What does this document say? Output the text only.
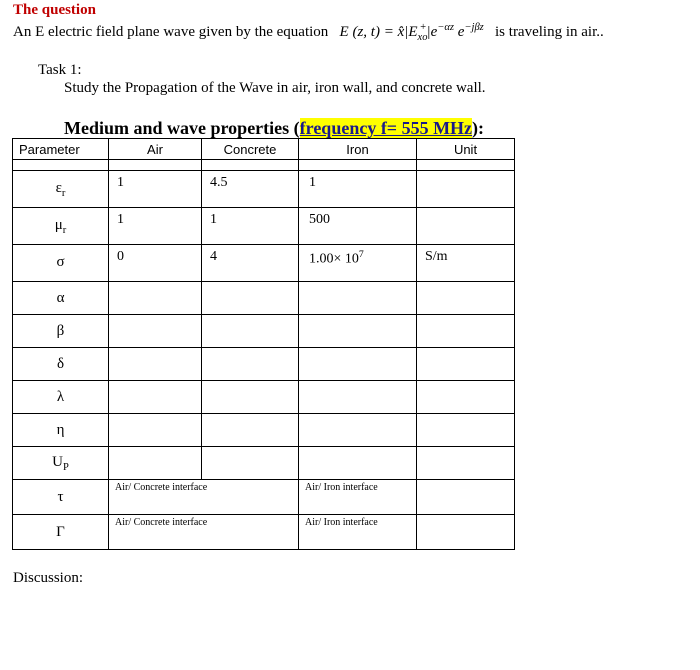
The question
An E electric field plane wave given by the equation E (z, $t) = x̂|E_{xo}^+|e^{-\alpha z}$ $e^{-j\beta z}$ is traveling in air..
Task 1:
Study the Propagation of the Wave in air, iron wall, and concrete wall.
Medium and wave properties (frequency f= 555 MHz):
Parameter	Air	Concrete	Iron	Unit

$\varepsilon_r$	1	4.5	1	
$\mu_r$	1	1	500	
σ	0	4	$1.00\times 10^7$	S/m
α				
β				
δ				
λ				
η				
$U_P$				
τ	Air/ Concrete interface		Air/ Iron interface	
Γ	Air/ Concrete interface		Air/ Iron interface	
Discussion:
